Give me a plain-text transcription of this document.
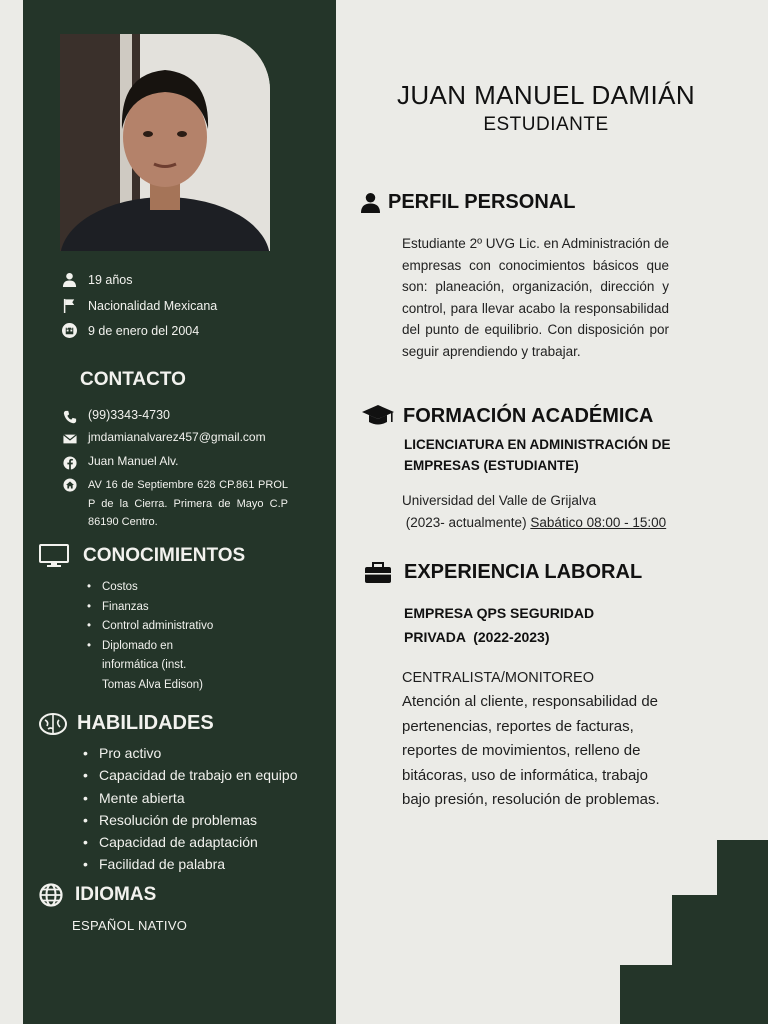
19 años
Nacionalidad Mexicana
9 de enero del 2004
CONTACTO
(99)3343-4730
jmdamianalvarez457@gmail.com
Juan Manuel Alv.
AV 16 de Septiembre 628 CP.861 PROL P de la Cierra. Primera de Mayo C.P 86190 Centro.
CONOCIMIENTOS
• Costos
• Finanzas
• Control administrativo
• Diplomado en
informática (inst.
Tomas Alva Edison)
HABILIDADES
• Pro activo
• Capacidad de trabajo en equipo
• Mente abierta
• Resolución de problemas
• Capacidad de adaptación
• Facilidad de palabra
IDIOMAS
ESPAÑOL NATIVO
JUAN MANUEL DAMIÁN
ESTUDIANTE
PERFIL PERSONAL
Estudiante 2º UVG Lic. en Administración de empresas con conocimientos básicos que son: planeación, organización, dirección y control, para llevar acabo la responsabilidad del punto de equilibrio. Con disposición por seguir aprendiendo y trabajar.
FORMACIÓN ACADÉMICA
LICENCIATURA EN ADMINISTRACIÓN DE
EMPRESAS (ESTUDIANTE)
Universidad del Valle de Grijalva
(2023- actualmente) Sabático 08:00 - 15:00
EXPERIENCIA LABORAL
EMPRESA QPS SEGURIDAD
PRIVADA  (2022-2023)
CENTRALISTA/MONITOREO
Atención al cliente, responsabilidad de pertenencias, reportes de facturas, reportes de movimientos, relleno de bitácoras, uso de informática, trabajo bajo presión, resolución de problemas.
